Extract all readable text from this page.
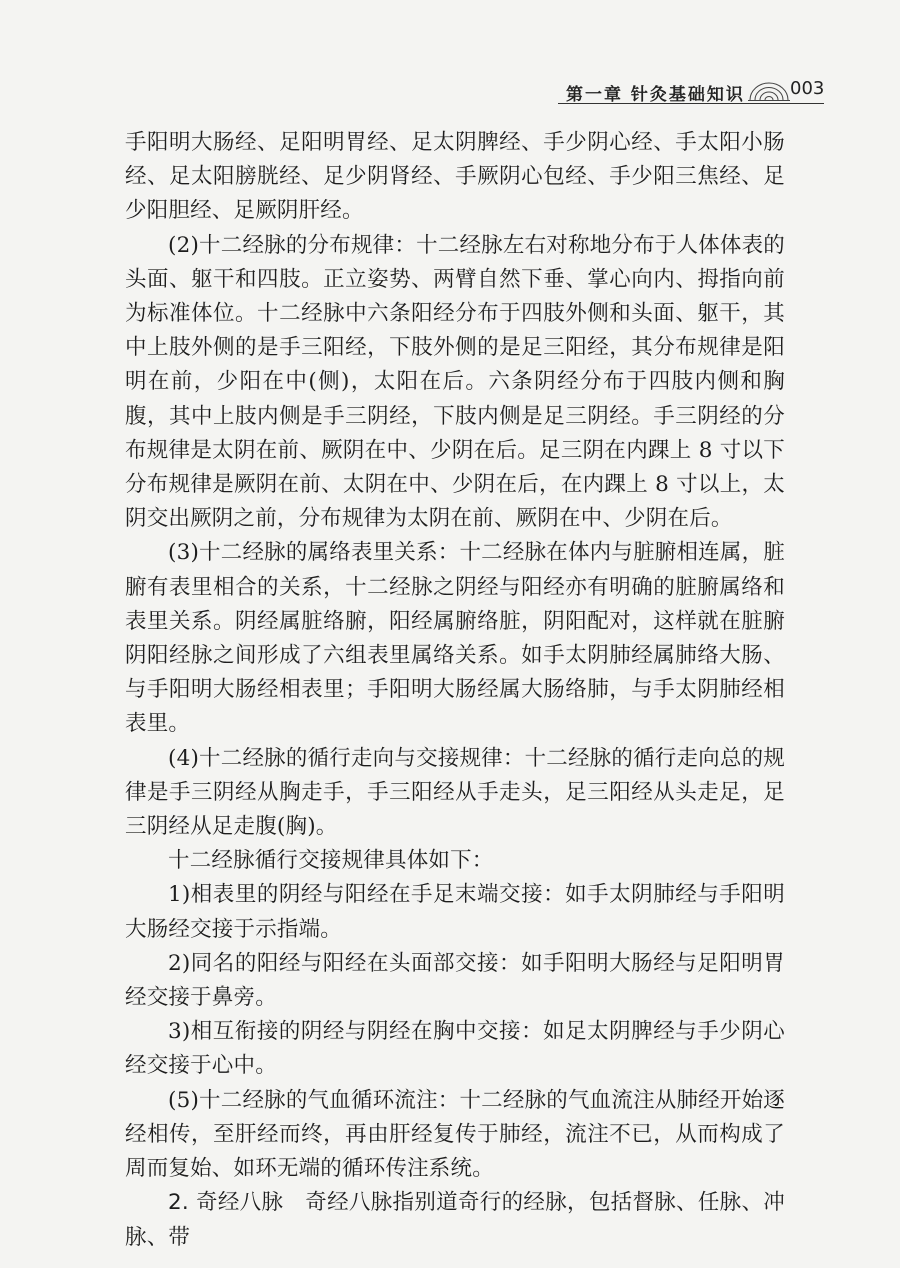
第一章 针灸基础知识	003

手阳明大肠经、足阳明胃经、足太阴脾经、手少阴心经、手太阳小肠经、足太阳膀胱经、足少阴肾经、手厥阴心包经、手少阳三焦经、足少阳胆经、足厥阴肝经。

(2)十二经脉的分布规律：十二经脉左右对称地分布于人体体表的头面、躯干和四肢。正立姿势、两臂自然下垂、掌心向内、拇指向前为标准体位。十二经脉中六条阳经分布于四肢外侧和头面、躯干，其中上肢外侧的是手三阳经，下肢外侧的是足三阳经，其分布规律是阳明在前，少阳在中(侧)，太阳在后。六条阴经分布于四肢内侧和胸腹，其中上肢内侧是手三阴经，下肢内侧是足三阴经。手三阴经的分布规律是太阴在前、厥阴在中、少阴在后。足三阴在内踝上 8 寸以下分布规律是厥阴在前、太阴在中、少阴在后，在内踝上 8 寸以上，太阴交出厥阴之前，分布规律为太阴在前、厥阴在中、少阴在后。

(3)十二经脉的属络表里关系：十二经脉在体内与脏腑相连属，脏腑有表里相合的关系，十二经脉之阴经与阳经亦有明确的脏腑属络和表里关系。阴经属脏络腑，阳经属腑络脏，阴阳配对，这样就在脏腑阴阳经脉之间形成了六组表里属络关系。如手太阴肺经属肺络大肠、与手阳明大肠经相表里；手阳明大肠经属大肠络肺，与手太阴肺经相表里。

(4)十二经脉的循行走向与交接规律：十二经脉的循行走向总的规律是手三阴经从胸走手，手三阳经从手走头，足三阳经从头走足，足三阴经从足走腹(胸)。

十二经脉循行交接规律具体如下：

1)相表里的阴经与阳经在手足末端交接：如手太阴肺经与手阳明大肠经交接于示指端。

2)同名的阳经与阳经在头面部交接：如手阳明大肠经与足阳明胃经交接于鼻旁。

3)相互衔接的阴经与阴经在胸中交接：如足太阴脾经与手少阴心经交接于心中。

(5)十二经脉的气血循环流注：十二经脉的气血流注从肺经开始逐经相传，至肝经而终，再由肝经复传于肺经，流注不已，从而构成了周而复始、如环无端的循环传注系统。

2. 奇经八脉 奇经八脉指别道奇行的经脉，包括督脉、任脉、冲脉、带
